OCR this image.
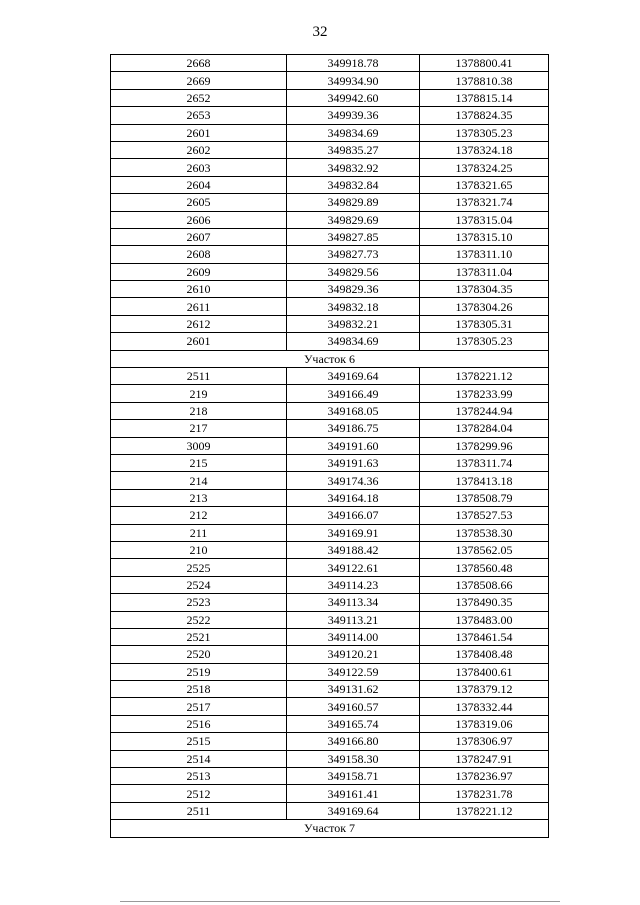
32
2668	349918.78	1378800.41
2669	349934.90	1378810.38
2652	349942.60	1378815.14
2653	349939.36	1378824.35
2601	349834.69	1378305.23
2602	349835.27	1378324.18
2603	349832.92	1378324.25
2604	349832.84	1378321.65
2605	349829.89	1378321.74
2606	349829.69	1378315.04
2607	349827.85	1378315.10
2608	349827.73	1378311.10
2609	349829.56	1378311.04
2610	349829.36	1378304.35
2611	349832.18	1378304.26
2612	349832.21	1378305.31
2601	349834.69	1378305.23
Участок 6		
2511	349169.64	1378221.12
219	349166.49	1378233.99
218	349168.05	1378244.94
217	349186.75	1378284.04
3009	349191.60	1378299.96
215	349191.63	1378311.74
214	349174.36	1378413.18
213	349164.18	1378508.79
212	349166.07	1378527.53
211	349169.91	1378538.30
210	349188.42	1378562.05
2525	349122.61	1378560.48
2524	349114.23	1378508.66
2523	349113.34	1378490.35
2522	349113.21	1378483.00
2521	349114.00	1378461.54
2520	349120.21	1378408.48
2519	349122.59	1378400.61
2518	349131.62	1378379.12
2517	349160.57	1378332.44
2516	349165.74	1378319.06
2515	349166.80	1378306.97
2514	349158.30	1378247.91
2513	349158.71	1378236.97
2512	349161.41	1378231.78
2511	349169.64	1378221.12
Участок 7		
